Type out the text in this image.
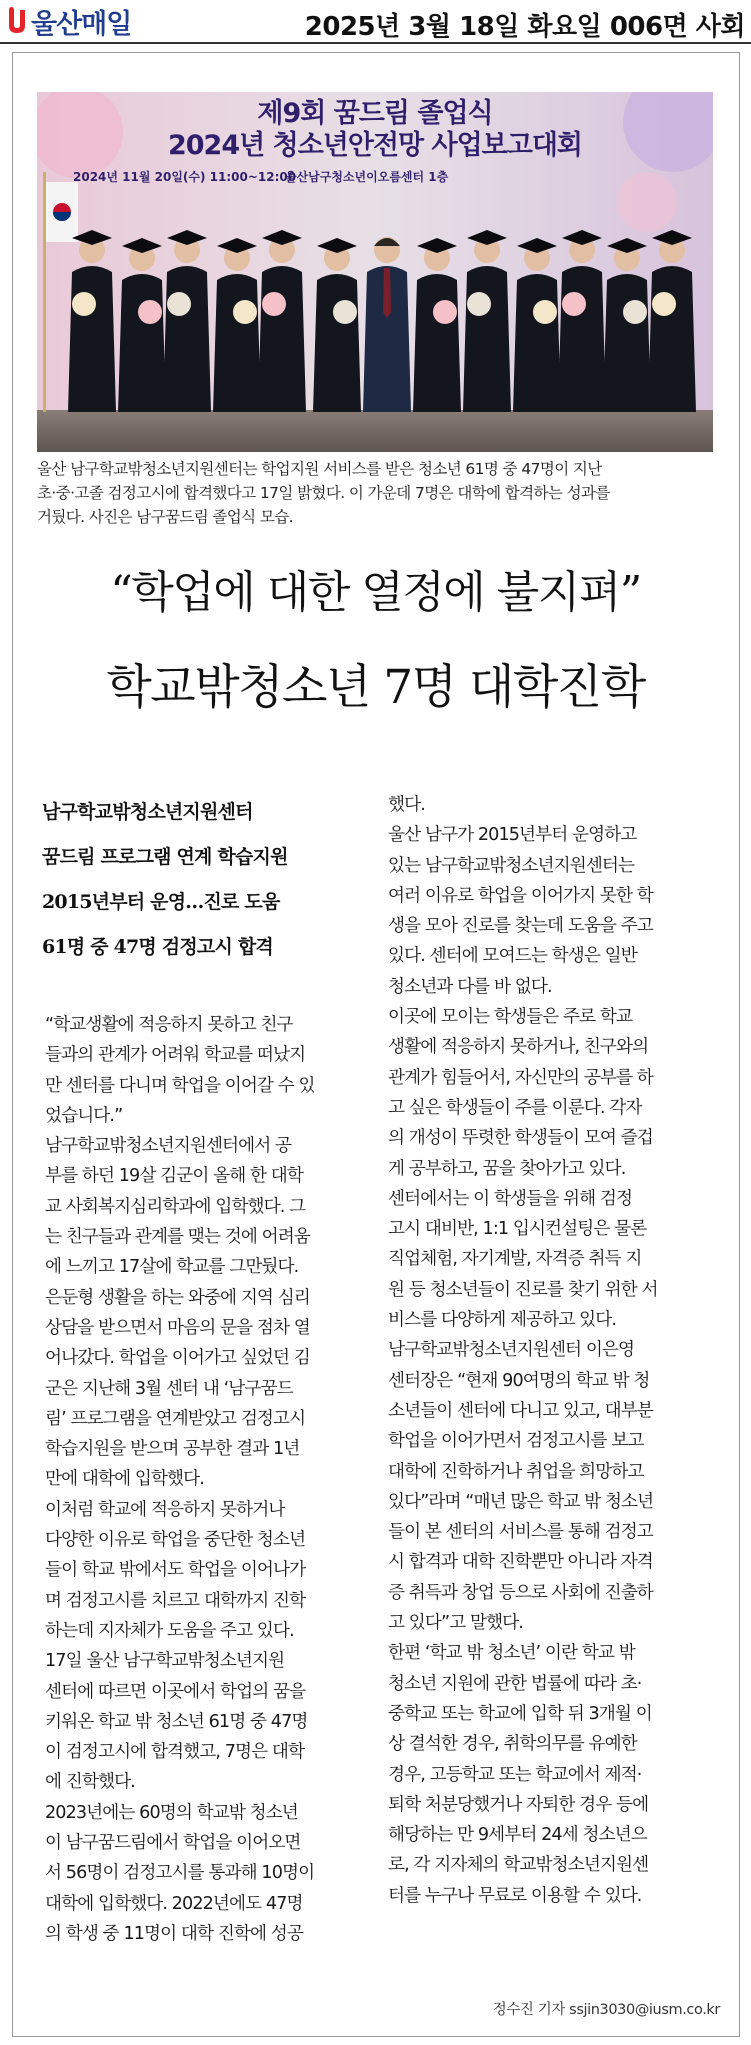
울산매일	2025년 3월 18일 화요일 006면 사회
제9회 꿈드림 졸업식
2024년 청소년안전망 사업보고대회
2024년 11월 20일(수) 11:00~12:00
울산남구청소년이오름센터 1층

울산 남구학교밖청소년지원센터는 학업지원 서비스를 받은 청소년 61명 중 47명이 지난

초·중·고졸 검정고시에 합격했다고 17일 밝혔다. 이 가운데 7명은 대학에 합격하는 성과를

거뒀다. 사진은 남구꿈드림 졸업식 모습.

“학업에 대한 열정에 불지펴”
학교밖청소년 7명 대학진학

남구학교밖청소년지원센터

꿈드림 프로그램 연계 학습지원

2015년부터 운영…진로 도움

61명 중 47명 검정고시 합격

“학교생활에 적응하지 못하고 친구

들과의 관계가 어려워 학교를 떠났지

만 센터를 다니며 학업을 이어갈 수 있

었습니다.”

남구학교밖청소년지원센터에서 공

부를 하던 19살 김군이 올해 한 대학

교 사회복지심리학과에 입학했다. 그

는 친구들과 관계를 맺는 것에 어려움

에 느끼고 17살에 학교를 그만뒀다.

은둔형 생활을 하는 와중에 지역 심리

상담을 받으면서 마음의 문을 점차 열

어나갔다. 학업을 이어가고 싶었던 김

군은 지난해 3월 센터 내 ‘남구꿈드

림’ 프로그램을 연계받았고 검정고시

학습지원을 받으며 공부한 결과 1년

만에 대학에 입학했다.

이처럼 학교에 적응하지 못하거나

다양한 이유로 학업을 중단한 청소년

들이 학교 밖에서도 학업을 이어나가

며 검정고시를 치르고 대학까지 진학

하는데 지자체가 도움을 주고 있다.

17일 울산 남구학교밖청소년지원

센터에 따르면 이곳에서 학업의 꿈을

키워온 학교 밖 청소년 61명 중 47명

이 검정고시에 합격했고, 7명은 대학

에 진학했다.

2023년에는 60명의 학교밖 청소년

이 남구꿈드림에서 학업을 이어오면

서 56명이 검정고시를 통과해 10명이

대학에 입학했다. 2022년에도 47명

의 학생 중 11명이 대학 진학에 성공

했다.

울산 남구가 2015년부터 운영하고

있는 남구학교밖청소년지원센터는

여러 이유로 학업을 이어가지 못한 학

생을 모아 진로를 찾는데 도움을 주고

있다. 센터에 모여드는 학생은 일반

청소년과 다를 바 없다.

이곳에 모이는 학생들은 주로 학교

생활에 적응하지 못하거나, 친구와의

관계가 힘들어서, 자신만의 공부를 하

고 싶은 학생들이 주를 이룬다. 각자

의 개성이 뚜렷한 학생들이 모여 즐겁

게 공부하고, 꿈을 찾아가고 있다.

센터에서는 이 학생들을 위해 검정

고시 대비반, 1:1 입시컨설팅은 물론

직업체험, 자기계발, 자격증 취득 지

원 등 청소년들이 진로를 찾기 위한 서

비스를 다양하게 제공하고 있다.

남구학교밖청소년지원센터 이은영

센터장은 “현재 90여명의 학교 밖 청

소년들이 센터에 다니고 있고, 대부분

학업을 이어가면서 검정고시를 보고

대학에 진학하거나 취업을 희망하고

있다”라며 “매년 많은 학교 밖 청소년

들이 본 센터의 서비스를 통해 검정고

시 합격과 대학 진학뿐만 아니라 자격

증 취득과 창업 등으로 사회에 진출하

고 있다”고 말했다.

한편 ‘학교 밖 청소년’ 이란 학교 밖

청소년 지원에 관한 법률에 따라 초·

중학교 또는 학교에 입학 뒤 3개월 이

상 결석한 경우, 취학의무를 유예한

경우, 고등학교 또는 학교에서 제적·

퇴학 처분당했거나 자퇴한 경우 등에

해당하는 만 9세부터 24세 청소년으

로, 각 지자체의 학교밖청소년지원센

터를 누구나 무료로 이용할 수 있다.

정수진 기자 ssjin3030@iusm.co.kr
